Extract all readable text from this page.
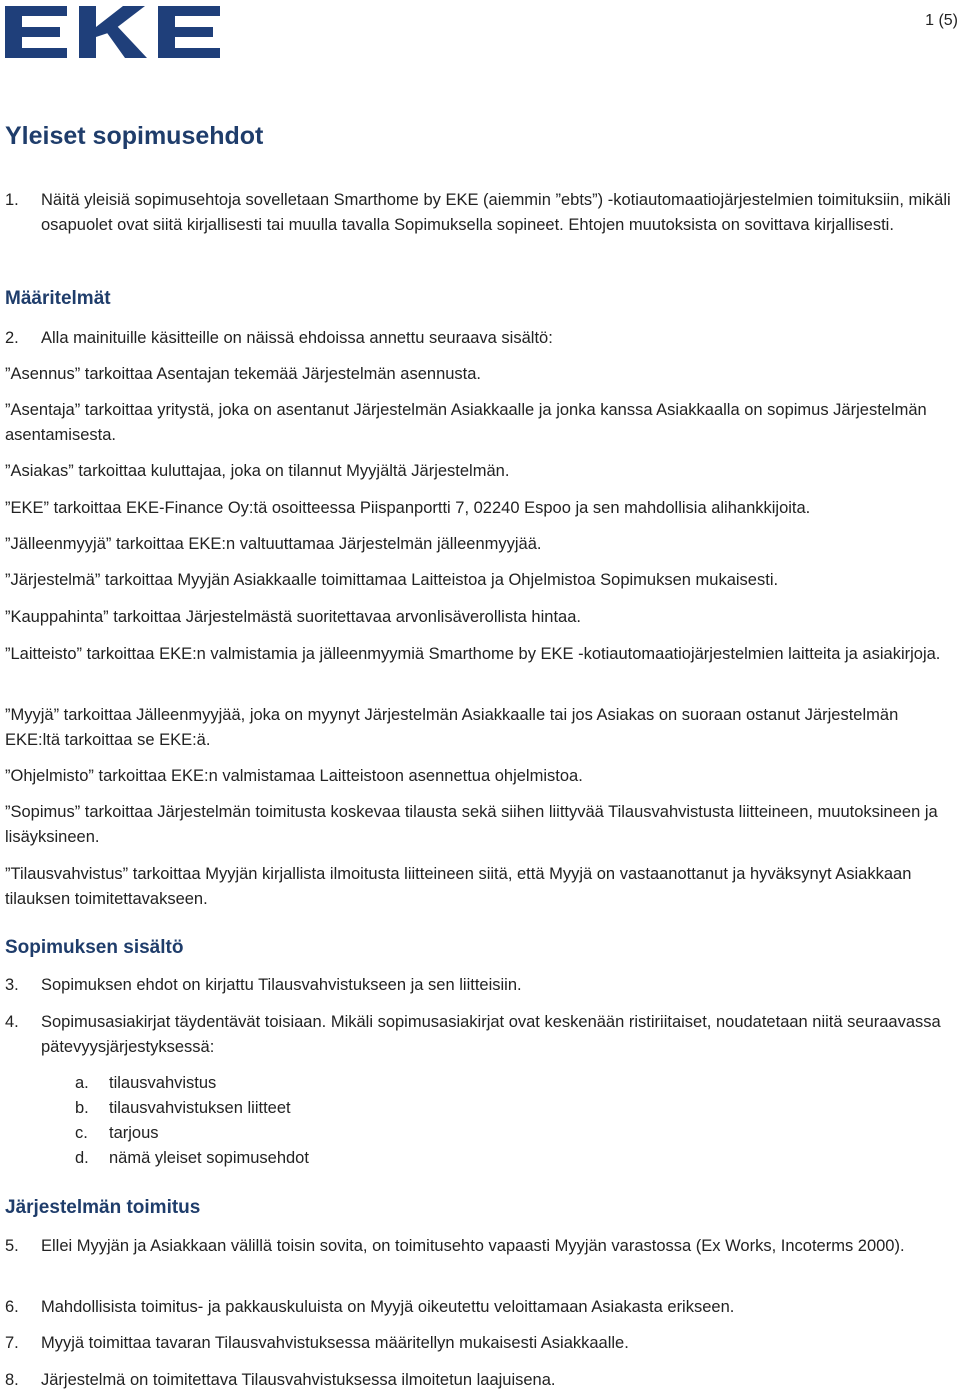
1 (5)
Yleiset sopimusehdot
1.	Näitä yleisiä sopimusehtoja sovelletaan Smarthome by EKE (aiemmin ”ebts”) -kotiautomaatiojärjestelmien toimituksiin, mikäli osapuolet ovat siitä kirjallisesti tai muulla tavalla Sopimuksella sopineet. Ehtojen muutoksista on sovittava kirjallisesti.

Määritelmät
2.	Alla mainituille käsitteille on näissä ehdoissa annettu seuraava sisältö:

”Asennus” tarkoittaa Asentajan tekemää Järjestelmän asennusta.

”Asentaja” tarkoittaa yritystä, joka on asentanut Järjestelmän Asiakkaalle ja jonka kanssa Asiakkaalla on sopimus Järjestelmän asentamisesta.

”Asiakas” tarkoittaa kuluttajaa, joka on tilannut Myyjältä Järjestelmän.

”EKE” tarkoittaa EKE-Finance Oy:tä osoitteessa Piispanportti 7, 02240 Espoo ja sen mahdollisia alihankkijoita.

”Jälleenmyyjä” tarkoittaa EKE:n valtuuttamaa Järjestelmän jälleenmyyjää.

”Järjestelmä” tarkoittaa Myyjän Asiakkaalle toimittamaa Laitteistoa ja Ohjelmistoa Sopimuksen mukaisesti.

”Kauppahinta” tarkoittaa Järjestelmästä suoritettavaa arvonlisäverollista hintaa.

”Laitteisto” tarkoittaa EKE:n valmistamia ja jälleenmyymiä Smarthome by EKE -kotiautomaatiojärjestelmien laitteita ja asiakirjoja.

”Myyjä” tarkoittaa Jälleenmyyjää, joka on myynyt Järjestelmän Asiakkaalle tai jos Asiakas on suoraan ostanut Järjestelmän EKE:ltä tarkoittaa se EKE:ä.

”Ohjelmisto” tarkoittaa EKE:n valmistamaa Laitteistoon asennettua ohjelmistoa.

”Sopimus” tarkoittaa Järjestelmän toimitusta koskevaa tilausta sekä siihen liittyvää Tilausvahvistusta liitteineen, muutoksineen ja lisäyksineen.

”Tilausvahvistus” tarkoittaa Myyjän kirjallista ilmoitusta liitteineen siitä, että Myyjä on vastaanottanut ja hyväksynyt Asiakkaan tilauksen toimitettavakseen.

Sopimuksen sisältö
3.	Sopimuksen ehdot on kirjattu Tilausvahvistukseen ja sen liitteisiin.

4.	Sopimusasiakirjat täydentävät toisiaan. Mikäli sopimusasiakirjat ovat keskenään ristiriitaiset, noudatetaan niitä seuraavassa pätevyysjärjestyksessä:

a.	tilausvahvistus
b.	tilausvahvistuksen liitteet
c.	tarjous
d.	nämä yleiset sopimusehdot
Järjestelmän toimitus
5.	Ellei Myyjän ja Asiakkaan välillä toisin sovita, on toimitusehto vapaasti Myyjän varastossa (Ex Works, Incoterms 2000).

6.	Mahdollisista toimitus- ja pakkauskuluista on Myyjä oikeutettu veloittamaan Asiakasta erikseen.

7.	Myyjä toimittaa tavaran Tilausvahvistuksessa määritellyn mukaisesti Asiakkaalle.

8.	Järjestelmä on toimitettava Tilausvahvistuksessa ilmoitetun laajuisena.
